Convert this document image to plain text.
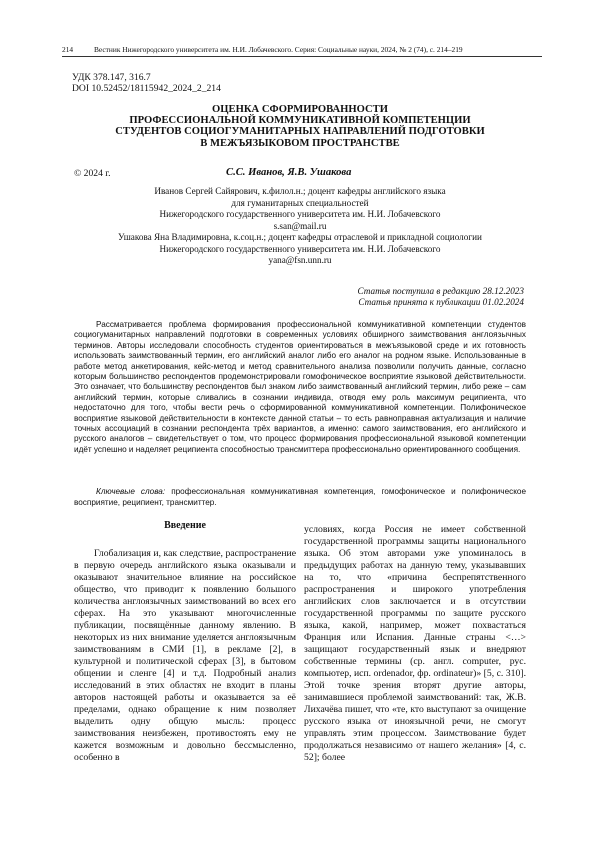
214	Вестник Нижегородского университета им. Н.И. Лобачевского. Серия: Социальные науки, 2024, № 2 (74), с. 214–219
УДК 378.147, 316.7
DOI 10.52452/18115942_2024_2_214
ОЦЕНКА СФОРМИРОВАННОСТИ
ПРОФЕССИОНАЛЬНОЙ КОММУНИКАТИВНОЙ КОМПЕТЕНЦИИ
СТУДЕНТОВ СОЦИОГУМАНИТАРНЫХ НАПРАВЛЕНИЙ ПОДГОТОВКИ
В МЕЖЪЯЗЫКОВОМ ПРОСТРАНСТВЕ
© 2024 г.	С.С. Иванов, Я.В. Ушакова
Иванов Сергей Сайярович, к.филол.н.; доцент кафедры английского языка
для гуманитарных специальностей
Нижегородского государственного университета им. Н.И. Лобачевского
s.san@mail.ru
Ушакова Яна Владимировна, к.соц.н.; доцент кафедры отраслевой и прикладной социологии
Нижегородского государственного университета им. Н.И. Лобачевского
yana@fsn.unn.ru
Статья поступила в редакцию 28.12.2023
Статья принята к публикации 01.02.2024

Рассматривается проблема формирования профессиональной коммуникативной компетенции студентов социогуманитарных направлений подготовки в современных условиях обширного заимствования англоязычных терминов. Авторы исследовали способность студентов ориентироваться в межъязыковой среде и их готовность использовать заимствованный термин, его английский аналог либо его аналог на родном языке. Использованные в работе метод анкетирования, кейс-метод и метод сравнительного анализа позволили получить данные, согласно которым большинство респондентов продемонстрировали гомофоническое восприятие языковой действительности. Это означает, что большинству респондентов был знаком либо заимствованный английский термин, либо реже – сам английский термин, которые сливались в сознании индивида, отводя ему роль максимум реципиента, что недостаточно для того, чтобы вести речь о сформированной коммуникативной компетенции. Полифоническое восприятие языковой действительности в контексте данной статьи – то есть равноправная актуализация и наличие точных ассоциаций в сознании респондента трёх вариантов, а именно: самого заимствования, его английского и русского аналогов – свидетельствует о том, что процесс формирования профессиональной языковой компетенции идёт успешно и наделяет реципиента способностью трансмиттера профессионально ориентированного сообщения.

Ключевые слова: профессиональная коммуникативная компетенция, гомофоническое и полифоническое восприятие, реципиент, трансмиттер.
Введение

Глобализация и, как следствие, распространение в первую очередь английского языка оказывали и оказывают значительное влияние на российское общество, что приводит к появлению большого количества англоязычных заимствований во всех его сферах. На это указывают многочисленные публикации, посвящённые данному явлению. В некоторых из них внимание уделяется англоязычным заимствованиям в СМИ [1], в рекламе [2], в культурной и политической сферах [3], в бытовом общении и сленге [4] и т.д. Подробный анализ исследований в этих областях не входит в планы авторов настоящей работы и оказывается за её пределами, однако обращение к ним позволяет выделить одну общую мысль: процесс заимствования неизбежен, противостоять ему не кажется возможным и довольно бессмысленно, особенно в

условиях, когда Россия не имеет собственной государственной программы защиты национального языка. Об этом авторами уже упоминалось в предыдущих работах на данную тему, указывавших на то, что «причина беспрепятственного распространения и широкого употребления английских слов заключается и в отсутствии государственной программы по защите русского языка, какой, например, может похвастаться Франция или Испания. Данные страны <…> защищают государственный язык и внедряют собственные термины (ср. англ. computer, рус. компьютер, исп. ordenador, фр. ordinateur)» [5, с. 310]. Этой точке зрения вторят другие авторы, занимавшиеся проблемой заимствований: так, Ж.В. Лихачёва пишет, что «те, кто выступают за очищение русского языка от иноязычной речи, не смогут управлять этим процессом. Заимствование будет продолжаться независимо от нашего желания» [4, с. 52]; более
